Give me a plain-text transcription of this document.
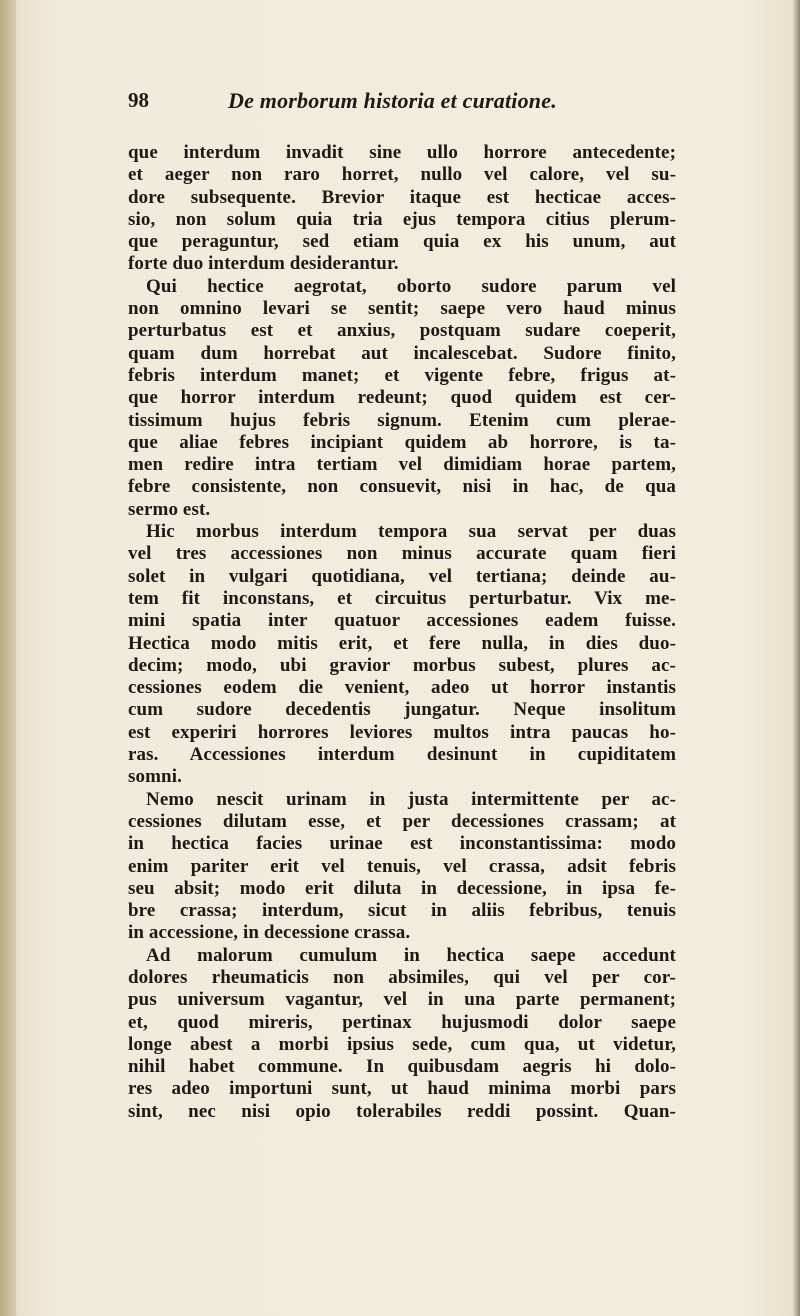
98	De morborum historia et curatione.
que interdum invadit sine ullo horrore antecedente;
et aeger non raro horret, nullo vel calore, vel su-
dore subsequente. Brevior itaque est hecticae acces-
sio, non solum quia tria ejus tempora citius plerum-
que peraguntur, sed etiam quia ex his unum, aut
forte duo interdum desiderantur.
Qui hectice aegrotat, oborto sudore parum vel
non omnino levari se sentit; saepe vero haud minus
perturbatus est et anxius, postquam sudare coeperit,
quam dum horrebat aut incalescebat. Sudore finito,
febris interdum manet; et vigente febre, frigus at-
que horror interdum redeunt; quod quidem est cer-
tissimum hujus febris signum. Etenim cum plerae-
que aliae febres incipiant quidem ab horrore, is ta-
men redire intra tertiam vel dimidiam horae partem,
febre consistente, non consuevit, nisi in hac, de qua
sermo est.
Hic morbus interdum tempora sua servat per duas
vel tres accessiones non minus accurate quam fieri
solet in vulgari quotidiana, vel tertiana; deinde au-
tem fit inconstans, et circuitus perturbatur. Vix me-
mini spatia inter quatuor accessiones eadem fuisse.
Hectica modo mitis erit, et fere nulla, in dies duo-
decim; modo, ubi gravior morbus subest, plures ac-
cessiones eodem die venient, adeo ut horror instantis
cum sudore decedentis jungatur. Neque insolitum
est experiri horrores leviores multos intra paucas ho-
ras. Accessiones interdum desinunt in cupiditatem
somni.
Nemo nescit urinam in justa intermittente per ac-
cessiones dilutam esse, et per decessiones crassam; at
in hectica facies urinae est inconstantissima: modo
enim pariter erit vel tenuis, vel crassa, adsit febris
seu absit; modo erit diluta in decessione, in ipsa fe-
bre crassa; interdum, sicut in aliis febribus, tenuis
in accessione, in decessione crassa.
Ad malorum cumulum in hectica saepe accedunt
dolores rheumaticis non absimiles, qui vel per cor-
pus universum vagantur, vel in una parte permanent;
et, quod mireris, pertinax hujusmodi dolor saepe
longe abest a morbi ipsius sede, cum qua, ut videtur,
nihil habet commune. In quibusdam aegris hi dolo-
res adeo importuni sunt, ut haud minima morbi pars
sint, nec nisi opio tolerabiles reddi possint. Quan-
